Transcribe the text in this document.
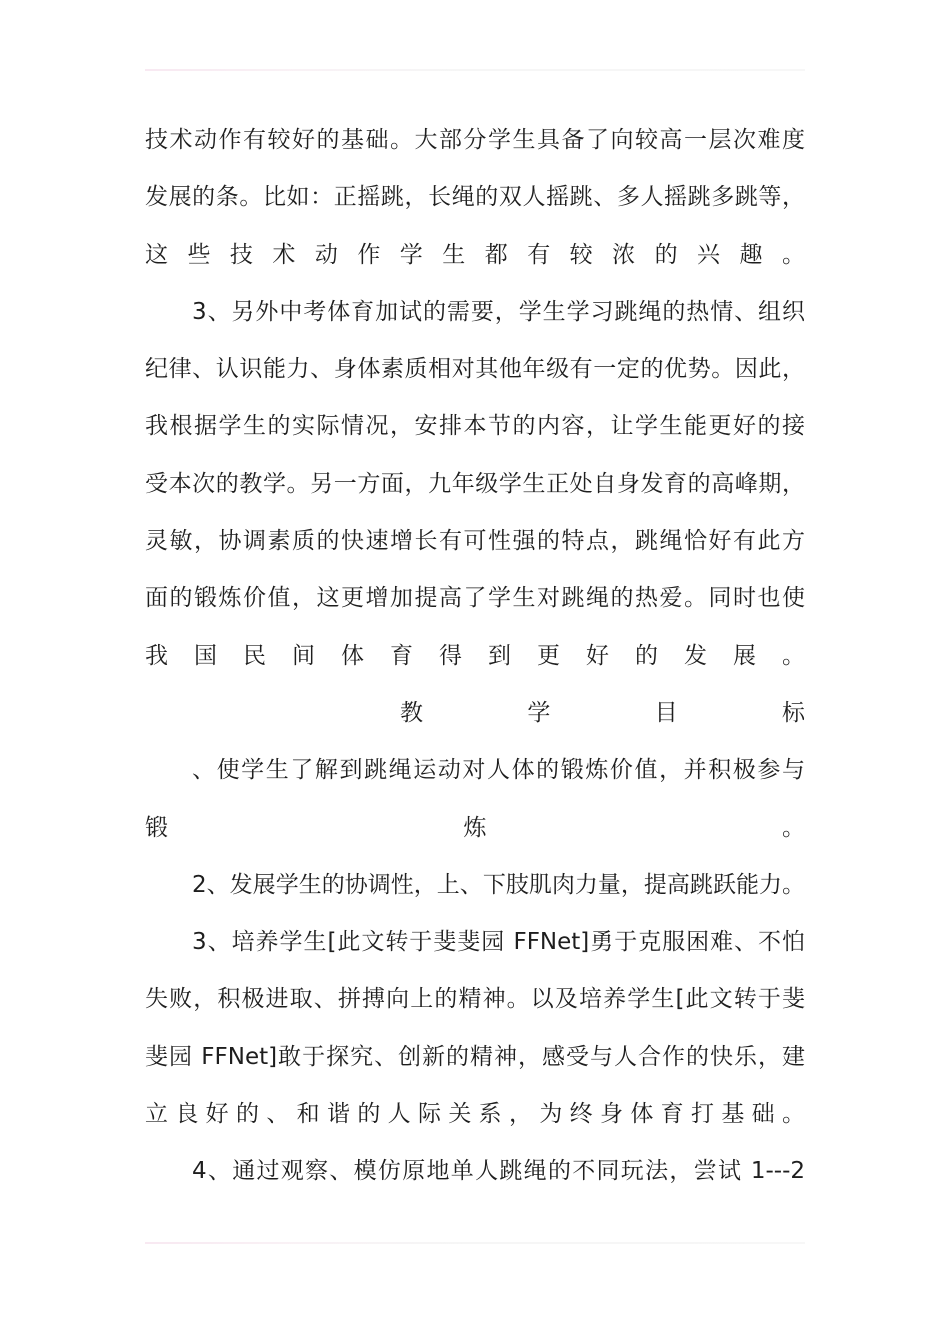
技术动作有较好的基础。大部分学生具备了向较高一层次难度
发展的条。比如：正摇跳，长绳的双人摇跳、多人摇跳多跳等，
这 些 技 术 动 作 学 生 都 有 较 浓 的 兴 趣 。
3、另外中考体育加试的需要，学生学习跳绳的热情、组织
纪律、认识能力、身体素质相对其他年级有一定的优势。因此，
我根据学生的实际情况，安排本节的内容，让学生能更好的接
受本次的教学。另一方面，九年级学生正处自身发育的高峰期，
灵敏，协调素质的快速增长有可性强的特点，跳绳恰好有此方
面的锻炼价值，这更增加提高了学生对跳绳的热爱。同时也使
我 国 民 间 体 育 得 到 更 好 的 发 展 。
教 学 目 标
、使学生了解到跳绳运动对人体的锻炼价值，并积极参与
锻	炼	。
2、发展学生的协调性，上、下肢肌肉力量，提高跳跃能力。
3、培养学生[此文转于斐斐园 FFNet]勇于克服困难、不怕
失败，积极进取、拼搏向上的精神。以及培养学生[此文转于斐
斐园 FFNet]敢于探究、创新的精神，感受与人合作的快乐，建
立 良 好 的 、 和 谐 的 人 际 关 系 ， 为 终 身 体 育 打 基 础 。
4、通过观察、模仿原地单人跳绳的不同玩法，尝试 1---2
